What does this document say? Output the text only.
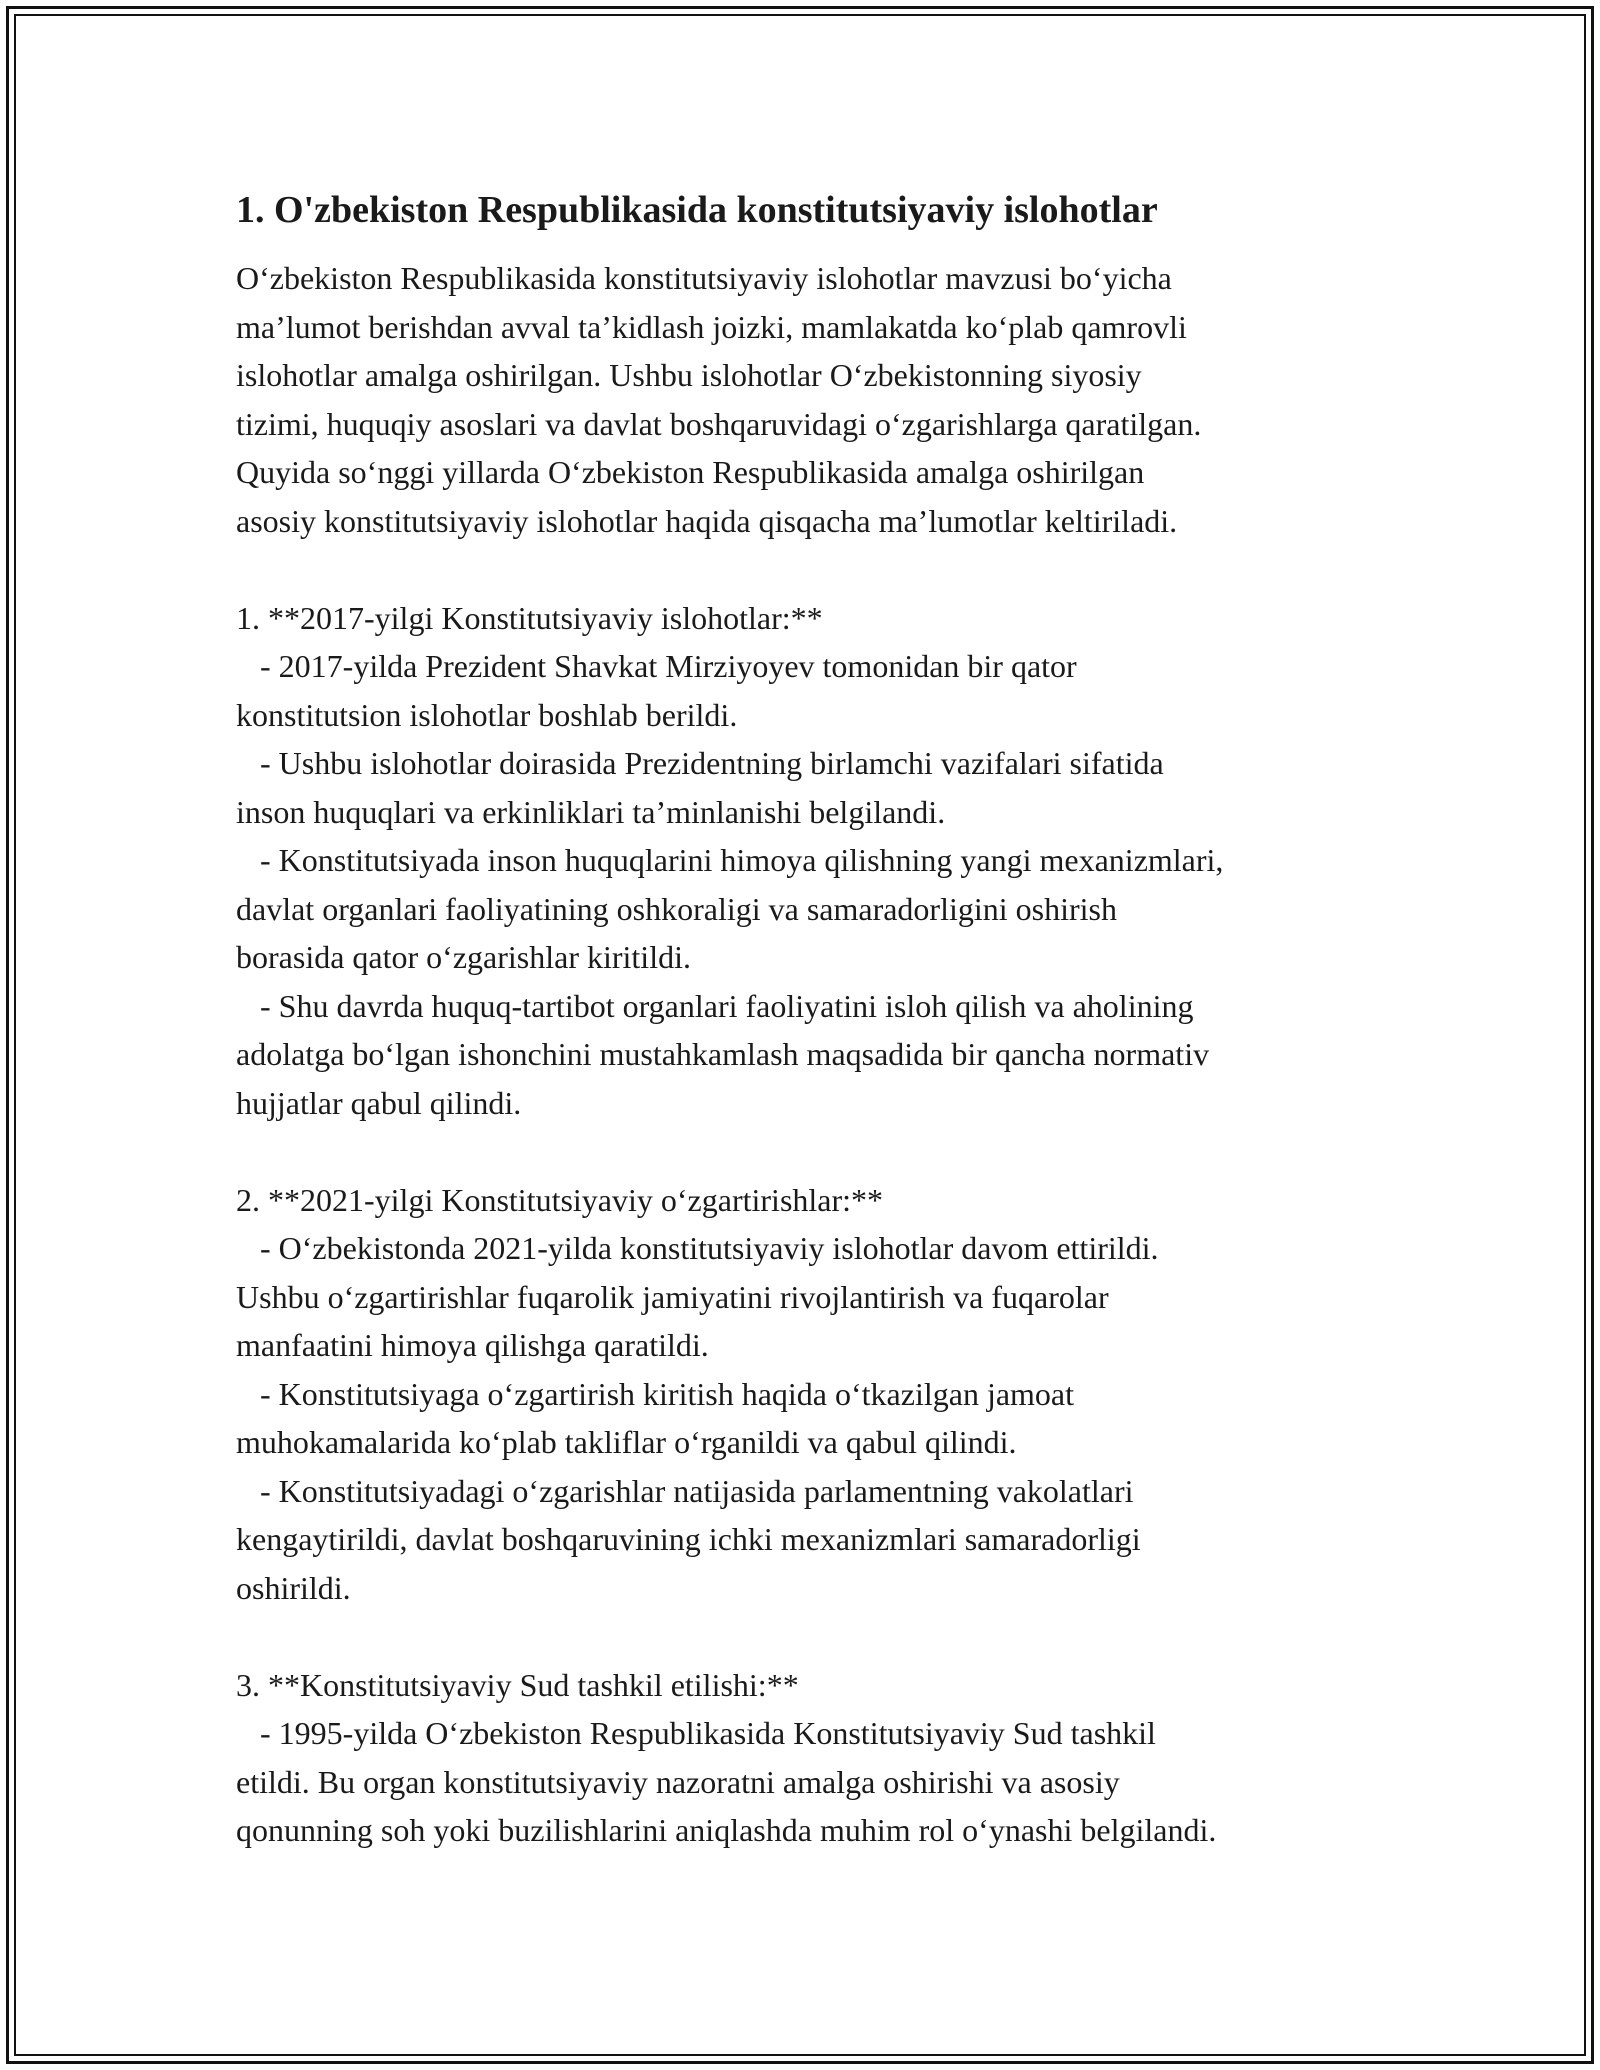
1. O'zbekiston Respublikasida konstitutsiyaviy islohotlar
O‘zbekiston Respublikasida konstitutsiyaviy islohotlar mavzusi bo‘yicha
ma’lumot berishdan avval ta’kidlash joizki, mamlakatda ko‘plab qamrovli
islohotlar amalga oshirilgan. Ushbu islohotlar O‘zbekistonning siyosiy
tizimi, huquqiy asoslari va davlat boshqaruvidagi o‘zgarishlarga qaratilgan.
Quyida so‘nggi yillarda O‘zbekiston Respublikasida amalga oshirilgan
asosiy konstitutsiyaviy islohotlar haqida qisqacha ma’lumotlar keltiriladi.
1. **2017-yilgi Konstitutsiyaviy islohotlar:**
- 2017-yilda Prezident Shavkat Mirziyoyev tomonidan bir qator
konstitutsion islohotlar boshlab berildi.
- Ushbu islohotlar doirasida Prezidentning birlamchi vazifalari sifatida
inson huquqlari va erkinliklari ta’minlanishi belgilandi.
- Konstitutsiyada inson huquqlarini himoya qilishning yangi mexanizmlari,
davlat organlari faoliyatining oshkoraligi va samaradorligini oshirish
borasida qator o‘zgarishlar kiritildi.
- Shu davrda huquq-tartibot organlari faoliyatini isloh qilish va aholining
adolatga bo‘lgan ishonchini mustahkamlash maqsadida bir qancha normativ
hujjatlar qabul qilindi.
2. **2021-yilgi Konstitutsiyaviy o‘zgartirishlar:**
- O‘zbekistonda 2021-yilda konstitutsiyaviy islohotlar davom ettirildi.
Ushbu o‘zgartirishlar fuqarolik jamiyatini rivojlantirish va fuqarolar
manfaatini himoya qilishga qaratildi.
- Konstitutsiyaga o‘zgartirish kiritish haqida o‘tkazilgan jamoat
muhokamalarida ko‘plab takliflar o‘rganildi va qabul qilindi.
- Konstitutsiyadagi o‘zgarishlar natijasida parlamentning vakolatlari
kengaytirildi, davlat boshqaruvining ichki mexanizmlari samaradorligi
oshirildi.
3. **Konstitutsiyaviy Sud tashkil etilishi:**
- 1995-yilda O‘zbekiston Respublikasida Konstitutsiyaviy Sud tashkil
etildi. Bu organ konstitutsiyaviy nazoratni amalga oshirishi va asosiy
qonunning soh yoki buzilishlarini aniqlashda muhim rol o‘ynashi belgilandi.
